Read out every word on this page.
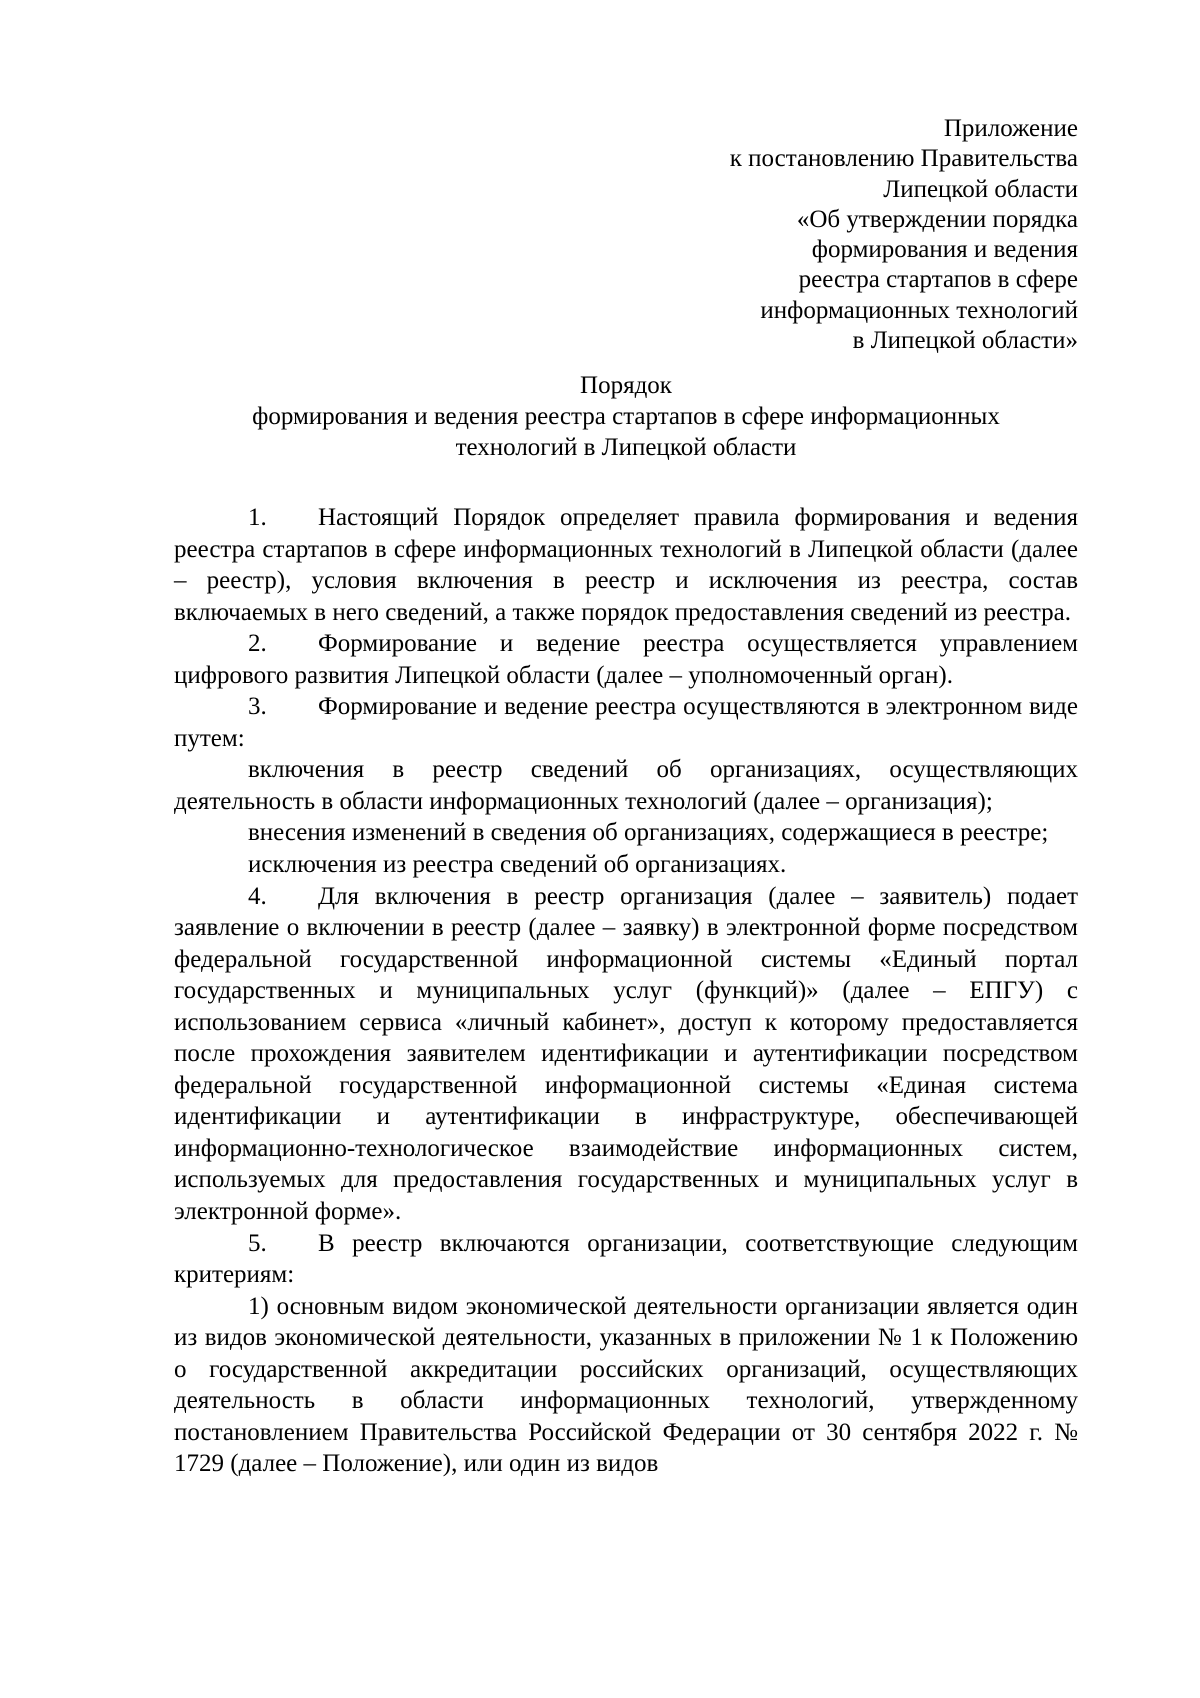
Приложение
к постановлению Правительства
Липецкой области
«Об утверждении порядка
формирования и ведения
реестра стартапов в сфере
информационных технологий
в Липецкой области»
Порядок
формирования и ведения реестра стартапов в сфере информационных
технологий в Липецкой области

1. Настоящий Порядок определяет правила формирования и ведения реестра стартапов в сфере информационных технологий в Липецкой области (далее – реестр), условия включения в реестр и исключения из реестра, состав включаемых в него сведений, а также порядок предоставления сведений из реестра.

2. Формирование и ведение реестра осуществляется управлением цифрового развития Липецкой области (далее – уполномоченный орган).

3. Формирование и ведение реестра осуществляются в электронном виде путем:

включения в реестр сведений об организациях, осуществляющих деятельность в области информационных технологий (далее – организация);

внесения изменений в сведения об организациях, содержащиеся в реестре;

исключения из реестра сведений об организациях.

4. Для включения в реестр организация (далее – заявитель) подает заявление о включении в реестр (далее – заявку) в электронной форме посредством федеральной государственной информационной системы «Единый портал государственных и муниципальных услуг (функций)» (далее – ЕПГУ) с использованием сервиса «личный кабинет», доступ к которому предоставляется после прохождения заявителем идентификации и аутентификации посредством федеральной государственной информационной системы «Единая система идентификации и аутентификации в инфраструктуре, обеспечивающей информационно-технологическое взаимодействие информационных систем, используемых для предоставления государственных и муниципальных услуг в электронной форме».

5. В реестр включаются организации, соответствующие следующим критериям:

1) основным видом экономической деятельности организации является один из видов экономической деятельности, указанных в приложении № 1 к Положению о государственной аккредитации российских организаций, осуществляющих деятельность в области информационных технологий, утвержденному постановлением Правительства Российской Федерации от 30 сентября 2022 г. № 1729 (далее – Положение), или один из видов
